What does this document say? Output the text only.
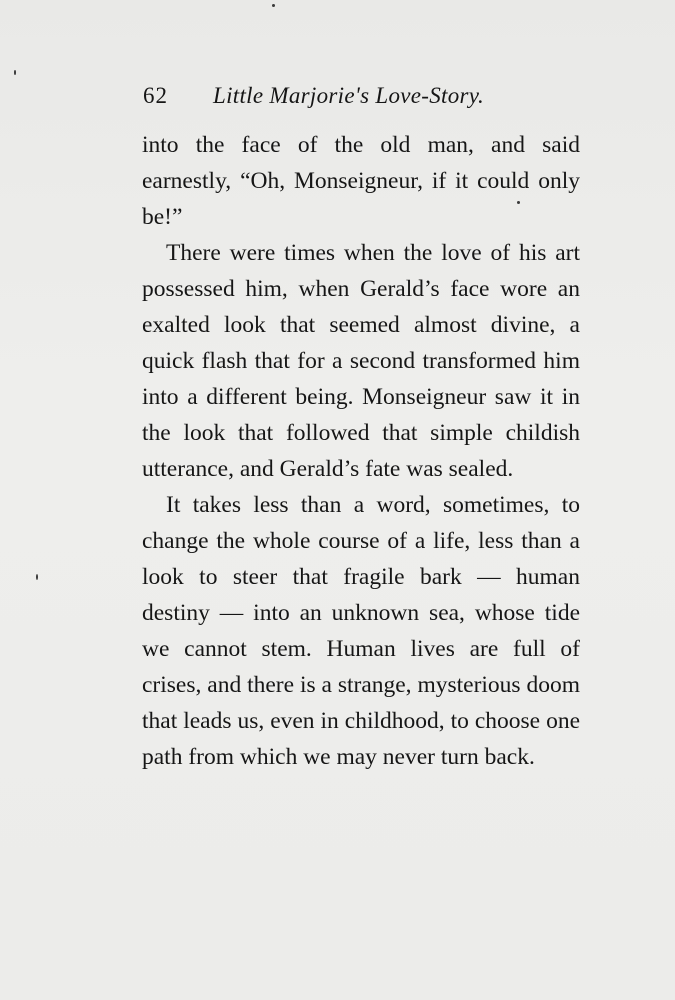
62 Little Marjorie's Love-Story.

into the face of the old man, and said earnestly, “Oh, Monseigneur, if it could only be!”

There were times when the love of his art possessed him, when Gerald’s face wore an exalted look that seemed almost divine, a quick flash that for a second transformed him into a different being. Monseigneur saw it in the look that followed that simple childish utterance, and Gerald’s fate was sealed.

It takes less than a word, sometimes, to change the whole course of a life, less than a look to steer that fragile bark — human destiny — into an unknown sea, whose tide we cannot stem. Human lives are full of crises, and there is a strange, mysterious doom that leads us, even in childhood, to choose one path from which we may never turn back.
